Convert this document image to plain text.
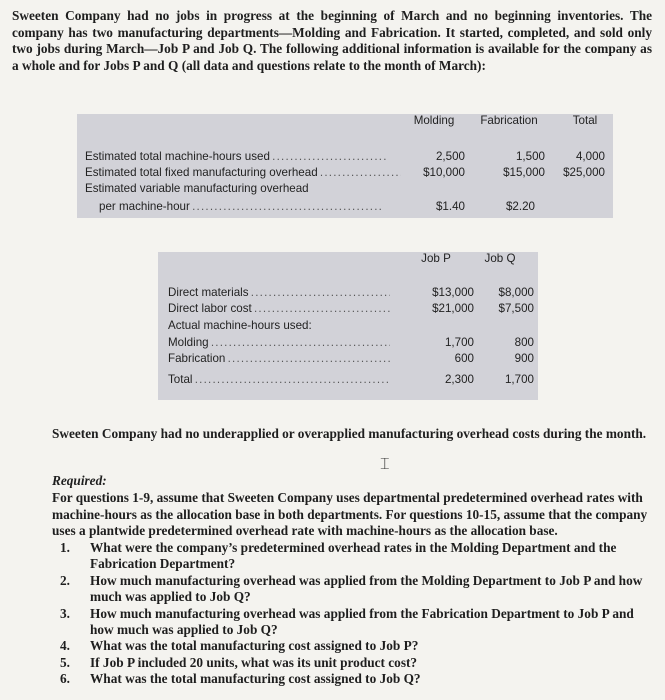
Sweeten Company had no jobs in progress at the beginning of March and no beginning inventories. The company has two manufacturing departments—Molding and Fabrication. It started, completed, and sold only two jobs during March—Job P and Job Q. The following additional information is available for the company as a whole and for Jobs P and Q (all data and questions relate to the month of March):

Molding	Fabrication	Total
Estimated total machine-hours used . . .	2,500	1,500	4,000
Estimated total fixed manufacturing overhead . . .	$10,000	$15,000	$25,000
Estimated variable manufacturing overhead
per machine-hour . . .	$1.40	$2.20
Job P	Job Q
Direct materials . . .	$13,000	$8,000
Direct labor cost . . .	$21,000	$7,500
Actual machine-hours used:
Molding . . .	1,700	800
Fabrication . . .	600	900
Total . . .	2,300	1,700

Sweeten Company had no underapplied or overapplied manufacturing overhead costs during the month.

⌶
Required:

For questions 1-9, assume that Sweeten Company uses departmental predetermined overhead rates with machine-hours as the allocation base in both departments. For questions 10-15, assume that the company uses a plantwide predetermined overhead rate with machine-hours as the allocation base.

1. What were the company’s predetermined overhead rates in the Molding Department and the Fabrication Department?
2. How much manufacturing overhead was applied from the Molding Department to Job P and how much was applied to Job Q?
3. How much manufacturing overhead was applied from the Fabrication Department to Job P and how much was applied to Job Q?
4. What was the total manufacturing cost assigned to Job P?
5. If Job P included 20 units, what was its unit product cost?
6. What was the total manufacturing cost assigned to Job Q?
